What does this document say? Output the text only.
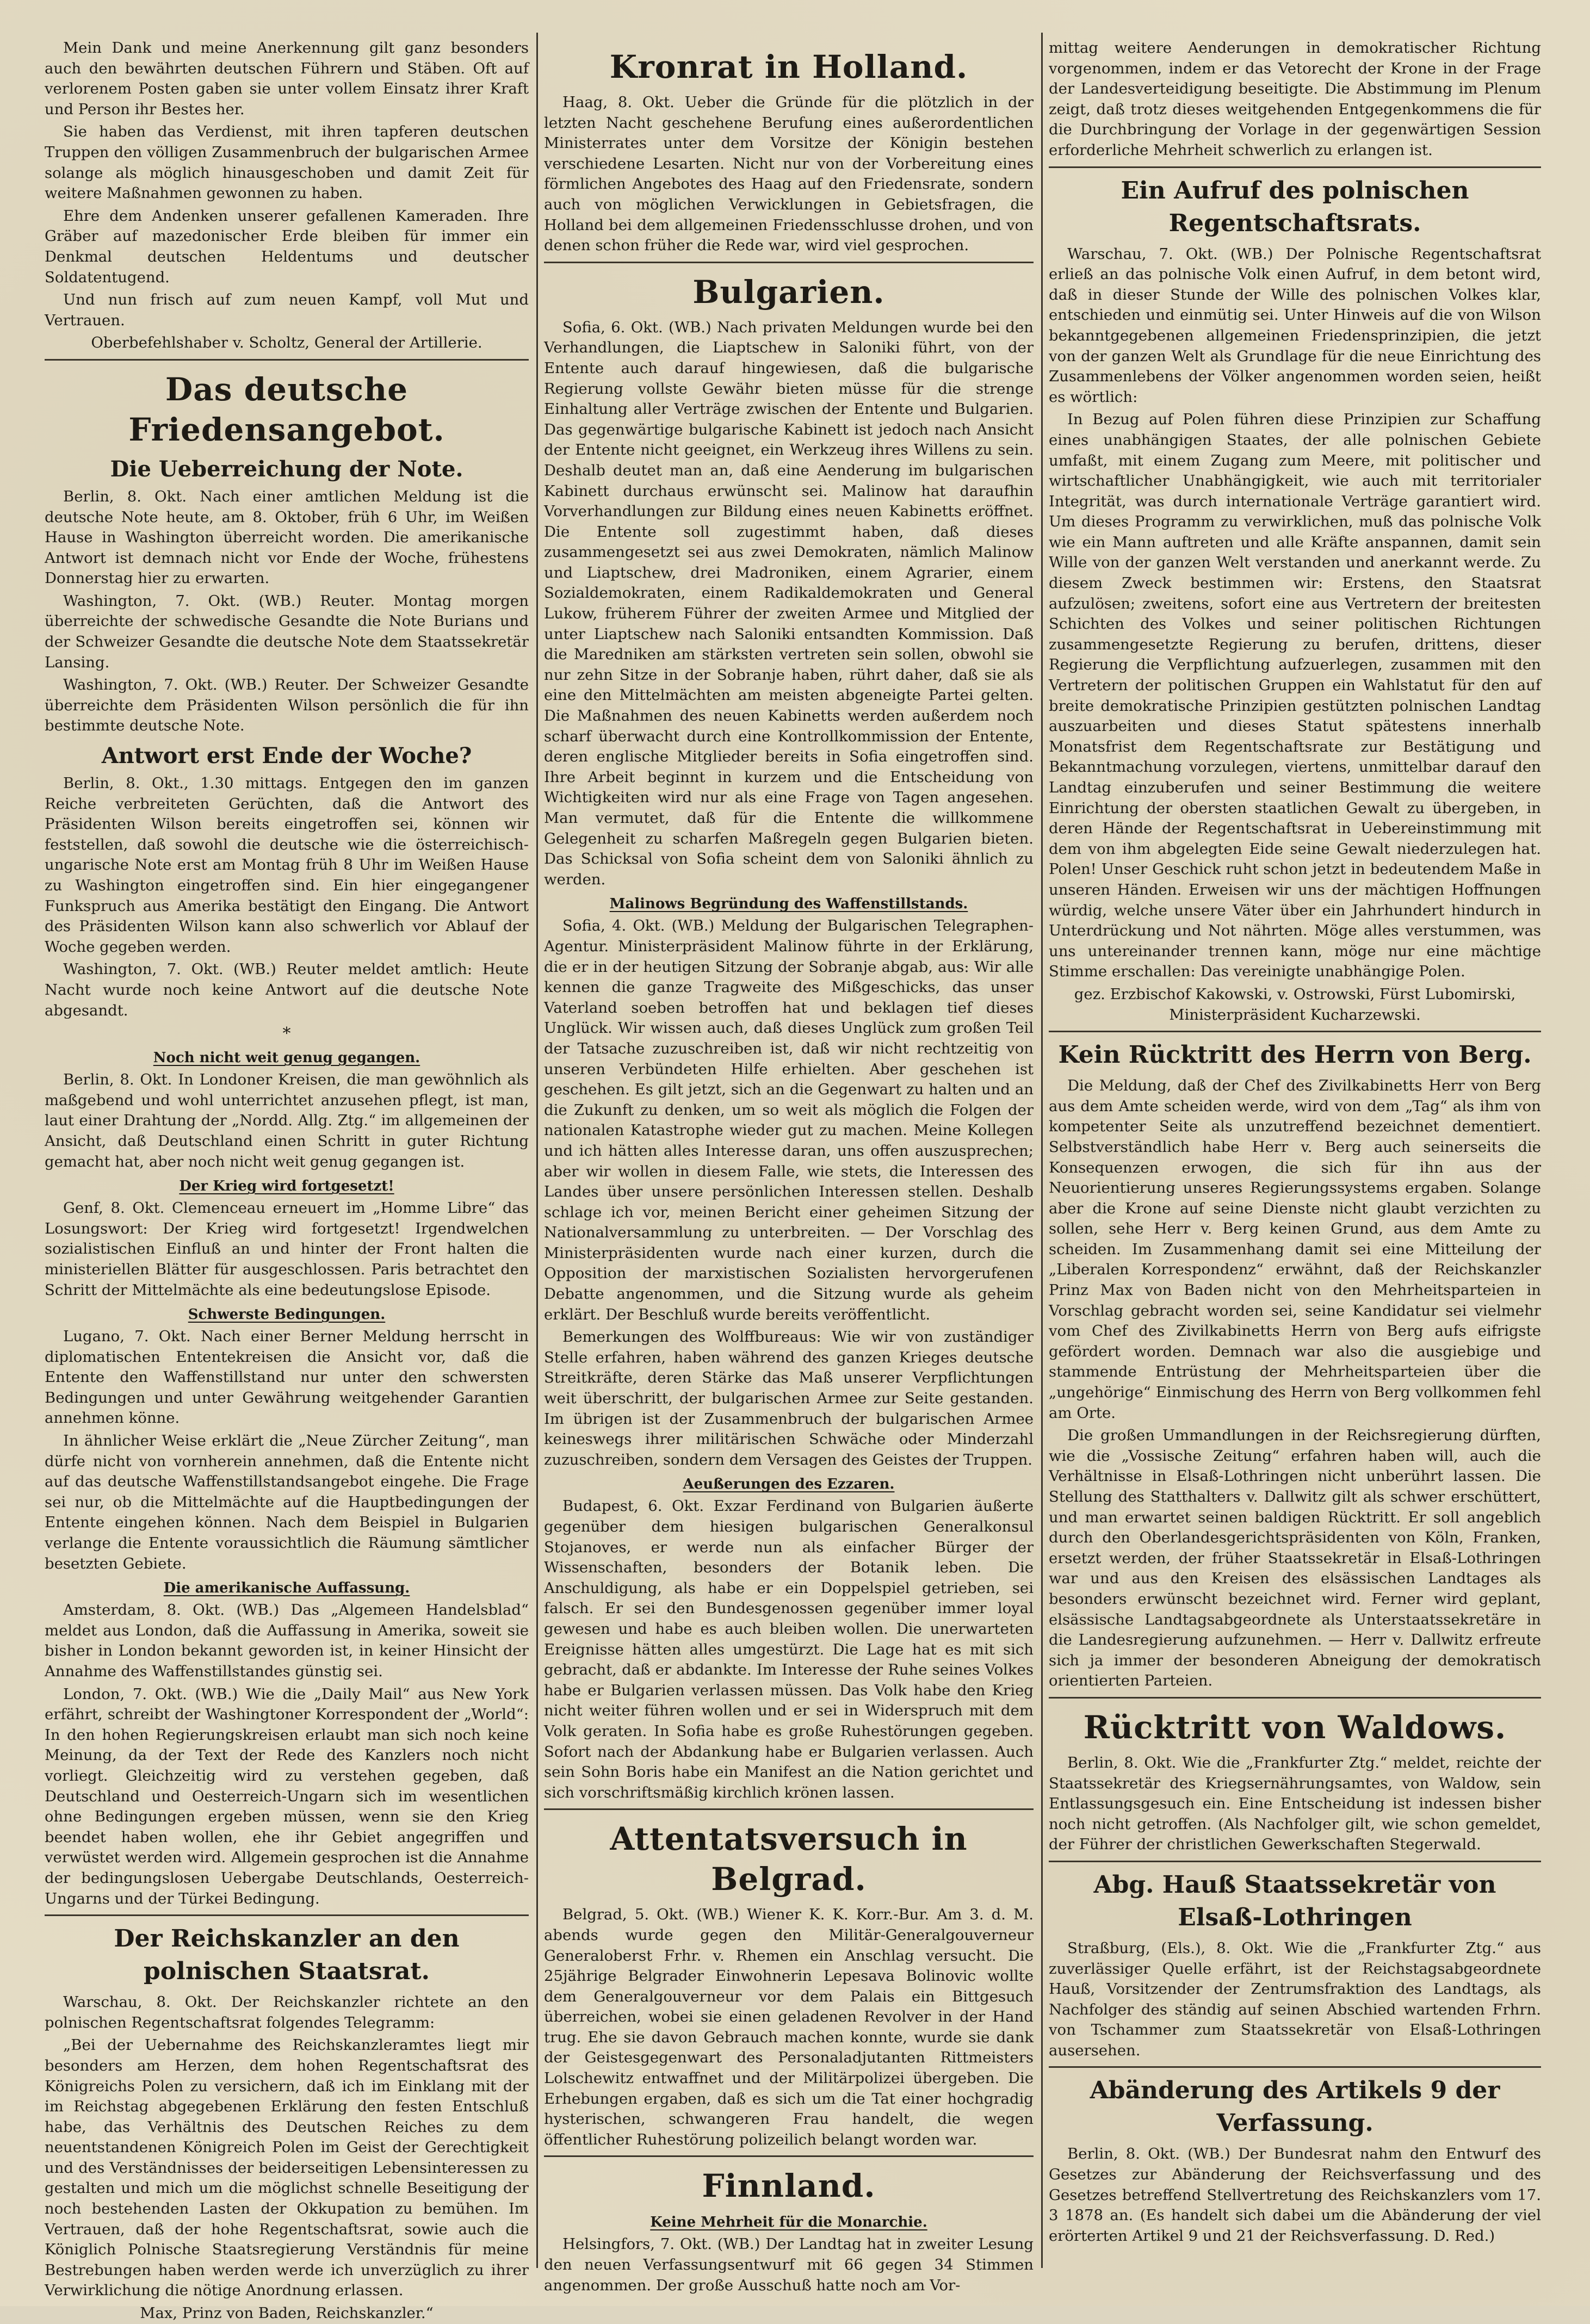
Mein Dank und meine Anerkennung gilt ganz besonders auch den bewährten deutschen Führern und Stäben. Oft auf verlorenem Posten gaben sie unter vollem Einsatz ihrer Kraft und Person ihr Bestes her.

Sie haben das Verdienst, mit ihren tapferen deutschen Truppen den völligen Zusammenbruch der bulgarischen Armee solange als möglich hinausgeschoben und damit Zeit für weitere Maßnahmen gewonnen zu haben.

Ehre dem Andenken unserer gefallenen Kameraden. Ihre Gräber auf mazedonischer Erde bleiben für immer ein Denkmal deutschen Heldentums und deutscher Soldatentugend.

Und nun frisch auf zum neuen Kampf, voll Mut und Vertrauen.

Oberbefehlshaber v. Scholtz, General der Artillerie.

Das deutsche Friedensangebot.
Die Ueberreichung der Note.

Berlin, 8. Okt. Nach einer amtlichen Meldung ist die deutsche Note heute, am 8. Oktober, früh 6 Uhr, im Weißen Hause in Washington überreicht worden. Die amerikanische Antwort ist demnach nicht vor Ende der Woche, frühestens Donnerstag hier zu erwarten.

Washington, 7. Okt. (WB.) Reuter. Montag morgen überreichte der schwedische Gesandte die Note Burians und der Schweizer Gesandte die deutsche Note dem Staatssekretär Lansing.

Washington, 7. Okt. (WB.) Reuter. Der Schweizer Gesandte überreichte dem Präsidenten Wilson persönlich die für ihn bestimmte deutsche Note.

Antwort erst Ende der Woche?

Berlin, 8. Okt., 1.30 mittags. Entgegen den im ganzen Reiche verbreiteten Gerüchten, daß die Antwort des Präsidenten Wilson bereits eingetroffen sei, können wir feststellen, daß sowohl die deutsche wie die österreichisch-ungarische Note erst am Montag früh 8 Uhr im Weißen Hause zu Washington eingetroffen sind. Ein hier eingegangener Funkspruch aus Amerika bestätigt den Eingang. Die Antwort des Präsidenten Wilson kann also schwerlich vor Ablauf der Woche gegeben werden.

Washington, 7. Okt. (WB.) Reuter meldet amtlich: Heute Nacht wurde noch keine Antwort auf die deutsche Note abgesandt.

*
Noch nicht weit genug gegangen.

Berlin, 8. Okt. In Londoner Kreisen, die man gewöhnlich als maßgebend und wohl unterrichtet anzusehen pflegt, ist man, laut einer Drahtung der „Nordd. Allg. Ztg.“ im allgemeinen der Ansicht, daß Deutschland einen Schritt in guter Richtung gemacht hat, aber noch nicht weit genug gegangen ist.

Der Krieg wird fortgesetzt!

Genf, 8. Okt. Clemenceau erneuert im „Homme Libre“ das Losungswort: Der Krieg wird fortgesetzt! Irgendwelchen sozialistischen Einfluß an und hinter der Front halten die ministeriellen Blätter für ausgeschlossen. Paris betrachtet den Schritt der Mittelmächte als eine bedeutungslose Episode.

Schwerste Bedingungen.

Lugano, 7. Okt. Nach einer Berner Meldung herrscht in diplomatischen Ententekreisen die Ansicht vor, daß die Entente den Waffenstillstand nur unter den schwersten Bedingungen und unter Gewährung weitgehender Garantien annehmen könne.

In ähnlicher Weise erklärt die „Neue Zürcher Zeitung“, man dürfe nicht von vornherein annehmen, daß die Entente nicht auf das deutsche Waffenstillstandsangebot eingehe. Die Frage sei nur, ob die Mittelmächte auf die Hauptbedingungen der Entente eingehen können. Nach dem Beispiel in Bulgarien verlange die Entente voraussichtlich die Räumung sämtlicher besetzten Gebiete.

Die amerikanische Auffassung.

Amsterdam, 8. Okt. (WB.) Das „Algemeen Handelsblad“ meldet aus London, daß die Auffassung in Amerika, soweit sie bisher in London bekannt geworden ist, in keiner Hinsicht der Annahme des Waffenstillstandes günstig sei.

London, 7. Okt. (WB.) Wie die „Daily Mail“ aus New York erfährt, schreibt der Washingtoner Korrespondent der „World“: In den hohen Regierungskreisen erlaubt man sich noch keine Meinung, da der Text der Rede des Kanzlers noch nicht vorliegt. Gleichzeitig wird zu verstehen gegeben, daß Deutschland und Oesterreich-Ungarn sich im wesentlichen ohne Bedingungen ergeben müssen, wenn sie den Krieg beendet haben wollen, ehe ihr Gebiet angegriffen und verwüstet werden wird. Allgemein gesprochen ist die Annahme der bedingungslosen Uebergabe Deutschlands, Oesterreich-Ungarns und der Türkei Bedingung.

Der Reichskanzler an den polnischen Staatsrat.

Warschau, 8. Okt. Der Reichskanzler richtete an den polnischen Regentschaftsrat folgendes Telegramm:

„Bei der Uebernahme des Reichskanzleramtes liegt mir besonders am Herzen, dem hohen Regentschaftsrat des Königreichs Polen zu versichern, daß ich im Einklang mit der im Reichstag abgegebenen Erklärung den festen Entschluß habe, das Verhältnis des Deutschen Reiches zu dem neuentstandenen Königreich Polen im Geist der Gerechtigkeit und des Verständnisses der beiderseitigen Lebensinteressen zu gestalten und mich um die möglichst schnelle Beseitigung der noch bestehenden Lasten der Okkupation zu bemühen. Im Vertrauen, daß der hohe Regentschaftsrat, sowie auch die Königlich Polnische Staatsregierung Verständnis für meine Bestrebungen haben werden werde ich unverzüglich zu ihrer Verwirklichung die nötige Anordnung erlassen.

Max, Prinz von Baden, Reichskanzler.“

Kronrat in Holland.

Haag, 8. Okt. Ueber die Gründe für die plötzlich in der letzten Nacht geschehene Berufung eines außerordentlichen Ministerrates unter dem Vorsitze der Königin bestehen verschiedene Lesarten. Nicht nur von der Vorbereitung eines förmlichen Angebotes des Haag auf den Friedensrate, sondern auch von möglichen Verwicklungen in Gebietsfragen, die Holland bei dem allgemeinen Friedensschlusse drohen, und von denen schon früher die Rede war, wird viel gesprochen.

Bulgarien.

Sofia, 6. Okt. (WB.) Nach privaten Meldungen wurde bei den Verhandlungen, die Liaptschew in Saloniki führt, von der Entente auch darauf hingewiesen, daß die bulgarische Regierung vollste Gewähr bieten müsse für die strenge Einhaltung aller Verträge zwischen der Entente und Bulgarien. Das gegenwärtige bulgarische Kabinett ist jedoch nach Ansicht der Entente nicht geeignet, ein Werkzeug ihres Willens zu sein. Deshalb deutet man an, daß eine Aenderung im bulgarischen Kabinett durchaus erwünscht sei. Malinow hat daraufhin Vorverhandlungen zur Bildung eines neuen Kabinetts eröffnet. Die Entente soll zugestimmt haben, daß dieses zusammengesetzt sei aus zwei Demokraten, nämlich Malinow und Liaptschew, drei Madroniken, einem Agrarier, einem Sozialdemokraten, einem Radikaldemokraten und General Lukow, früherem Führer der zweiten Armee und Mitglied der unter Liaptschew nach Saloniki entsandten Kommission. Daß die Maredniken am stärksten vertreten sein sollen, obwohl sie nur zehn Sitze in der Sobranje haben, rührt daher, daß sie als eine den Mittelmächten am meisten abgeneigte Partei gelten. Die Maßnahmen des neuen Kabinetts werden außerdem noch scharf überwacht durch eine Kontrollkommission der Entente, deren englische Mitglieder bereits in Sofia eingetroffen sind. Ihre Arbeit beginnt in kurzem und die Entscheidung von Wichtigkeiten wird nur als eine Frage von Tagen angesehen. Man vermutet, daß für die Entente die willkommene Gelegenheit zu scharfen Maßregeln gegen Bulgarien bieten. Das Schicksal von Sofia scheint dem von Saloniki ähnlich zu werden.

Malinows Begründung des Waffenstillstands.

Sofia, 4. Okt. (WB.) Meldung der Bulgarischen Telegraphen-Agentur. Ministerpräsident Malinow führte in der Erklärung, die er in der heutigen Sitzung der Sobranje abgab, aus: Wir alle kennen die ganze Tragweite des Mißgeschicks, das unser Vaterland soeben betroffen hat und beklagen tief dieses Unglück. Wir wissen auch, daß dieses Unglück zum großen Teil der Tatsache zuzuschreiben ist, daß wir nicht rechtzeitig von unseren Verbündeten Hilfe erhielten. Aber geschehen ist geschehen. Es gilt jetzt, sich an die Gegenwart zu halten und an die Zukunft zu denken, um so weit als möglich die Folgen der nationalen Katastrophe wieder gut zu machen. Meine Kollegen und ich hätten alles Interesse daran, uns offen auszusprechen; aber wir wollen in diesem Falle, wie stets, die Interessen des Landes über unsere persönlichen Interessen stellen. Deshalb schlage ich vor, meinen Bericht einer geheimen Sitzung der Nationalversammlung zu unterbreiten. — Der Vorschlag des Ministerpräsidenten wurde nach einer kurzen, durch die Opposition der marxistischen Sozialisten hervorgerufenen Debatte angenommen, und die Sitzung wurde als geheim erklärt. Der Beschluß wurde bereits veröffentlicht.

Bemerkungen des Wolffbureaus: Wie wir von zuständiger Stelle erfahren, haben während des ganzen Krieges deutsche Streitkräfte, deren Stärke das Maß unserer Verpflichtungen weit überschritt, der bulgarischen Armee zur Seite gestanden. Im übrigen ist der Zusammenbruch der bulgarischen Armee keineswegs ihrer militärischen Schwäche oder Minderzahl zuzuschreiben, sondern dem Versagen des Geistes der Truppen.

Aeußerungen des Ezzaren.

Budapest, 6. Okt. Exzar Ferdinand von Bulgarien äußerte gegenüber dem hiesigen bulgarischen Generalkonsul Stojanoves, er werde nun als einfacher Bürger der Wissenschaften, besonders der Botanik leben. Die Anschuldigung, als habe er ein Doppelspiel getrieben, sei falsch. Er sei den Bundesgenossen gegenüber immer loyal gewesen und habe es auch bleiben wollen. Die unerwarteten Ereignisse hätten alles umgestürzt. Die Lage hat es mit sich gebracht, daß er abdankte. Im Interesse der Ruhe seines Volkes habe er Bulgarien verlassen müssen. Das Volk habe den Krieg nicht weiter führen wollen und er sei in Widerspruch mit dem Volk geraten. In Sofia habe es große Ruhestörungen gegeben. Sofort nach der Abdankung habe er Bulgarien verlassen. Auch sein Sohn Boris habe ein Manifest an die Nation gerichtet und sich vorschriftsmäßig kirchlich krönen lassen.

Attentatsversuch in Belgrad.

Belgrad, 5. Okt. (WB.) Wiener K. K. Korr.-Bur. Am 3. d. M. abends wurde gegen den Militär-Generalgouverneur Generaloberst Frhr. v. Rhemen ein Anschlag versucht. Die 25jährige Belgrader Einwohnerin Lepesava Bolinovic wollte dem Generalgouverneur vor dem Palais ein Bittgesuch überreichen, wobei sie einen geladenen Revolver in der Hand trug. Ehe sie davon Gebrauch machen konnte, wurde sie dank der Geistesgegenwart des Personaladjutanten Rittmeisters Lolschewitz entwaffnet und der Militärpolizei übergeben. Die Erhebungen ergaben, daß es sich um die Tat einer hochgradig hysterischen, schwangeren Frau handelt, die wegen öffentlicher Ruhestörung polizeilich belangt worden war.

Finnland.
Keine Mehrheit für die Monarchie.

Helsingfors, 7. Okt. (WB.) Der Landtag hat in zweiter Lesung den neuen Verfassungsentwurf mit 66 gegen 34 Stimmen angenommen. Der große Ausschuß hatte noch am Vor-

mittag weitere Aenderungen in demokratischer Richtung vorgenommen, indem er das Vetorecht der Krone in der Frage der Landesverteidigung beseitigte. Die Abstimmung im Plenum zeigt, daß trotz dieses weitgehenden Entgegenkommens die für die Durchbringung der Vorlage in der gegenwärtigen Session erforderliche Mehrheit schwerlich zu erlangen ist.

Ein Aufruf des polnischen Regentschaftsrats.

Warschau, 7. Okt. (WB.) Der Polnische Regentschaftsrat erließ an das polnische Volk einen Aufruf, in dem betont wird, daß in dieser Stunde der Wille des polnischen Volkes klar, entschieden und einmütig sei. Unter Hinweis auf die von Wilson bekanntgegebenen allgemeinen Friedensprinzipien, die jetzt von der ganzen Welt als Grundlage für die neue Einrichtung des Zusammenlebens der Völker angenommen worden seien, heißt es wörtlich:

In Bezug auf Polen führen diese Prinzipien zur Schaffung eines unabhängigen Staates, der alle polnischen Gebiete umfaßt, mit einem Zugang zum Meere, mit politischer und wirtschaftlicher Unabhängigkeit, wie auch mit territorialer Integrität, was durch internationale Verträge garantiert wird. Um dieses Programm zu verwirklichen, muß das polnische Volk wie ein Mann auftreten und alle Kräfte anspannen, damit sein Wille von der ganzen Welt verstanden und anerkannt werde. Zu diesem Zweck bestimmen wir: Erstens, den Staatsrat aufzulösen; zweitens, sofort eine aus Vertretern der breitesten Schichten des Volkes und seiner politischen Richtungen zusammengesetzte Regierung zu berufen, drittens, dieser Regierung die Verpflichtung aufzuerlegen, zusammen mit den Vertretern der politischen Gruppen ein Wahlstatut für den auf breite demokratische Prinzipien gestützten polnischen Landtag auszuarbeiten und dieses Statut spätestens innerhalb Monatsfrist dem Regentschaftsrate zur Bestätigung und Bekanntmachung vorzulegen, viertens, unmittelbar darauf den Landtag einzuberufen und seiner Bestimmung die weitere Einrichtung der obersten staatlichen Gewalt zu übergeben, in deren Hände der Regentschaftsrat in Uebereinstimmung mit dem von ihm abgelegten Eide seine Gewalt niederzulegen hat. Polen! Unser Geschick ruht schon jetzt in bedeutendem Maße in unseren Händen. Erweisen wir uns der mächtigen Hoffnungen würdig, welche unsere Väter über ein Jahrhundert hindurch in Unterdrückung und Not nährten. Möge alles verstummen, was uns untereinander trennen kann, möge nur eine mächtige Stimme erschallen: Das vereinigte unabhängige Polen.

gez. Erzbischof Kakowski, v. Ostrowski, Fürst Lubomirski, Ministerpräsident Kucharzewski.

Kein Rücktritt des Herrn von Berg.

Die Meldung, daß der Chef des Zivilkabinetts Herr von Berg aus dem Amte scheiden werde, wird von dem „Tag“ als ihm von kompetenter Seite als unzutreffend bezeichnet dementiert. Selbstverständlich habe Herr v. Berg auch seinerseits die Konsequenzen erwogen, die sich für ihn aus der Neuorientierung unseres Regierungssystems ergaben. Solange aber die Krone auf seine Dienste nicht glaubt verzichten zu sollen, sehe Herr v. Berg keinen Grund, aus dem Amte zu scheiden. Im Zusammenhang damit sei eine Mitteilung der „Liberalen Korrespondenz“ erwähnt, daß der Reichskanzler Prinz Max von Baden nicht von den Mehrheitsparteien in Vorschlag gebracht worden sei, seine Kandidatur sei vielmehr vom Chef des Zivilkabinetts Herrn von Berg aufs eifrigste gefördert worden. Demnach war also die ausgiebige und stammende Entrüstung der Mehrheitsparteien über die „ungehörige“ Einmischung des Herrn von Berg vollkommen fehl am Orte.

Die großen Ummandlungen in der Reichsregierung dürften, wie die „Vossische Zeitung“ erfahren haben will, auch die Verhältnisse in Elsaß-Lothringen nicht unberührt lassen. Die Stellung des Statthalters v. Dallwitz gilt als schwer erschüttert, und man erwartet seinen baldigen Rücktritt. Er soll angeblich durch den Oberlandesgerichtspräsidenten von Köln, Franken, ersetzt werden, der früher Staatssekretär in Elsaß-Lothringen war und aus den Kreisen des elsässischen Landtages als besonders erwünscht bezeichnet wird. Ferner wird geplant, elsässische Landtagsabgeordnete als Unterstaatssekretäre in die Landesregierung aufzunehmen. — Herr v. Dallwitz erfreute sich ja immer der besonderen Abneigung der demokratisch orientierten Parteien.

Rücktritt von Waldows.

Berlin, 8. Okt. Wie die „Frankfurter Ztg.“ meldet, reichte der Staatssekretär des Kriegsernährungsamtes, von Waldow, sein Entlassungsgesuch ein. Eine Entscheidung ist indessen bisher noch nicht getroffen. (Als Nachfolger gilt, wie schon gemeldet, der Führer der christlichen Gewerkschaften Stegerwald.

Abg. Hauß Staatssekretär von Elsaß-Lothringen

Straßburg, (Els.), 8. Okt. Wie die „Frankfurter Ztg.“ aus zuverlässiger Quelle erfährt, ist der Reichstagsabgeordnete Hauß, Vorsitzender der Zentrumsfraktion des Landtags, als Nachfolger des ständig auf seinen Abschied wartenden Frhrn. von Tschammer zum Staatssekretär von Elsaß-Lothringen ausersehen.

Abänderung des Artikels 9 der Verfassung.

Berlin, 8. Okt. (WB.) Der Bundesrat nahm den Entwurf des Gesetzes zur Abänderung der Reichsverfassung und des Gesetzes betreffend Stellvertretung des Reichskanzlers vom 17. 3 1878 an. (Es handelt sich dabei um die Abänderung der viel erörterten Artikel 9 und 21 der Reichsverfassung. D. Red.)
